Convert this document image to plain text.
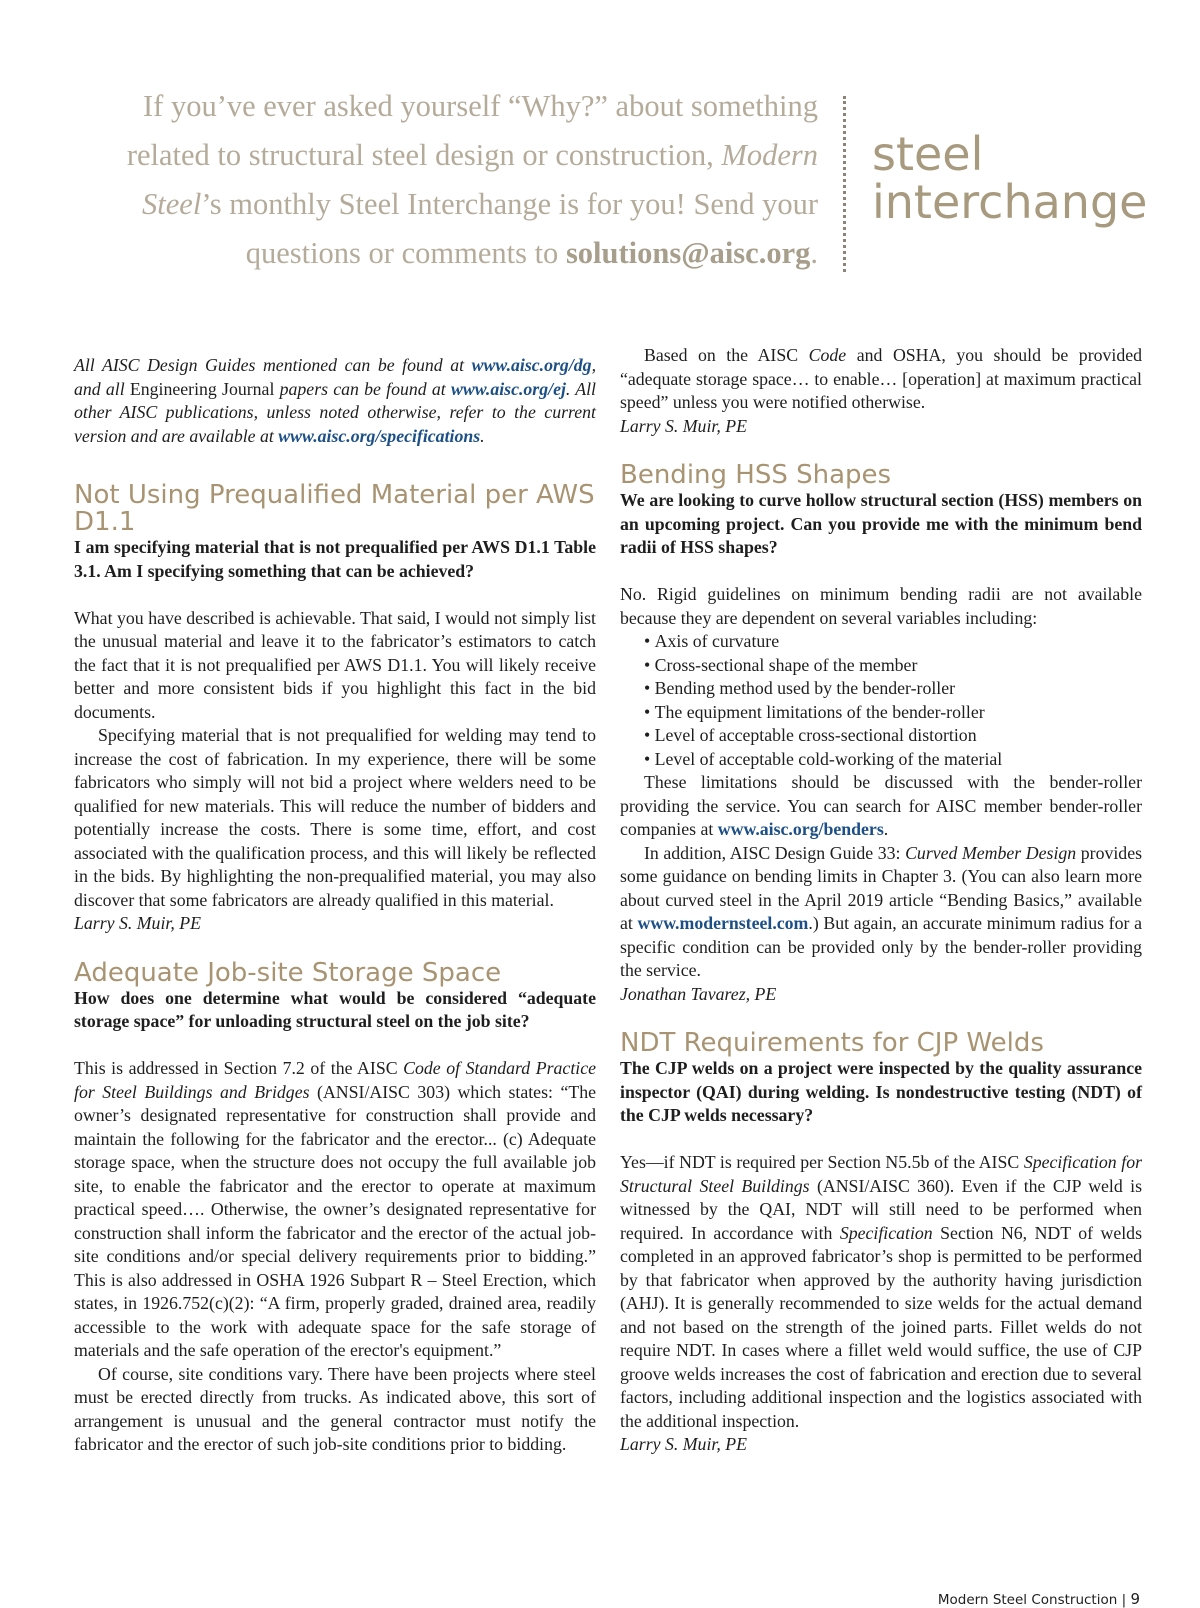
If you’ve ever asked yourself “Why?” about something
related to structural steel design or construction, Modern
Steel’s monthly Steel Interchange is for you! Send your
questions or comments to solutions@aisc.org.
steel
interchange

All AISC Design Guides mentioned can be found at www.aisc.org/dg, and all Engineering Journal papers can be found at www.aisc.org/ej. All other AISC publications, unless noted otherwise, refer to the current version and are available at www.aisc.org/specifications.

Not Using Prequalified Material per AWS D1.1

I am specifying material that is not prequalified per AWS D1.1 Table 3.1. Am I specifying something that can be achieved?

What you have described is achievable. That said, I would not simply list the unusual material and leave it to the fabricator’s estimators to catch the fact that it is not prequalified per AWS D1.1. You will likely receive better and more consistent bids if you highlight this fact in the bid documents.

Specifying material that is not prequalified for welding may tend to increase the cost of fabrication. In my experience, there will be some fabricators who simply will not bid a project where welders need to be qualified for new materials. This will reduce the number of bidders and potentially increase the costs. There is some time, effort, and cost associated with the qualification process, and this will likely be reflected in the bids. By highlighting the non-prequalified material, you may also discover that some fabricators are already qualified in this material.

Larry S. Muir, PE

Adequate Job-site Storage Space

How does one determine what would be considered “adequate storage space” for unloading structural steel on the job site?

This is addressed in Section 7.2 of the AISC Code of Standard Practice for Steel Buildings and Bridges (ANSI/AISC 303) which states: “The owner’s designated representative for construction shall provide and maintain the following for the fabricator and the erector... (c) Adequate storage space, when the structure does not occupy the full available job site, to enable the fabricator and the erector to operate at maximum practical speed…. Otherwise, the owner’s designated representative for construction shall inform the fabricator and the erector of the actual job-site conditions and/or special delivery requirements prior to bidding.” This is also addressed in OSHA 1926 Subpart R – Steel Erection, which states, in 1926.752(c)(2): “A firm, properly graded, drained area, readily accessible to the work with adequate space for the safe storage of materials and the safe operation of the erector's equipment.”

Of course, site conditions vary. There have been projects where steel must be erected directly from trucks. As indicated above, this sort of arrangement is unusual and the general contractor must notify the fabricator and the erector of such job-site conditions prior to bidding.

Based on the AISC Code and OSHA, you should be provided “adequate storage space… to enable… [operation] at maximum practical speed” unless you were notified otherwise.

Larry S. Muir, PE

Bending HSS Shapes

We are looking to curve hollow structural section (HSS) members on an upcoming project. Can you provide me with the minimum bend radii of HSS shapes?

No. Rigid guidelines on minimum bending radii are not available because they are dependent on several variables including:

• Axis of curvature
• Cross-sectional shape of the member
• Bending method used by the bender-roller
• The equipment limitations of the bender-roller
• Level of acceptable cross-sectional distortion
• Level of acceptable cold-working of the material

These limitations should be discussed with the bender-roller providing the service. You can search for AISC member bender-roller companies at www.aisc.org/benders.

In addition, AISC Design Guide 33: Curved Member Design provides some guidance on bending limits in Chapter 3. (You can also learn more about curved steel in the April 2019 article “Bending Basics,” available at www.modernsteel.com.) But again, an accurate minimum radius for a specific condition can be provided only by the bender-roller providing the service.

Jonathan Tavarez, PE

NDT Requirements for CJP Welds

The CJP welds on a project were inspected by the quality assurance inspector (QAI) during welding. Is nondestructive testing (NDT) of the CJP welds necessary?

Yes—if NDT is required per Section N5.5b of the AISC Specification for Structural Steel Buildings (ANSI/AISC 360). Even if the CJP weld is witnessed by the QAI, NDT will still need to be performed when required. In accordance with Specification Section N6, NDT of welds completed in an approved fabricator’s shop is permitted to be performed by that fabricator when approved by the authority having jurisdiction (AHJ). It is generally recommended to size welds for the actual demand and not based on the strength of the joined parts. Fillet welds do not require NDT. In cases where a fillet weld would suffice, the use of CJP groove welds increases the cost of fabrication and erection due to several factors, including additional inspection and the logistics associated with the additional inspection.

Larry S. Muir, PE

Modern Steel Construction | 9
